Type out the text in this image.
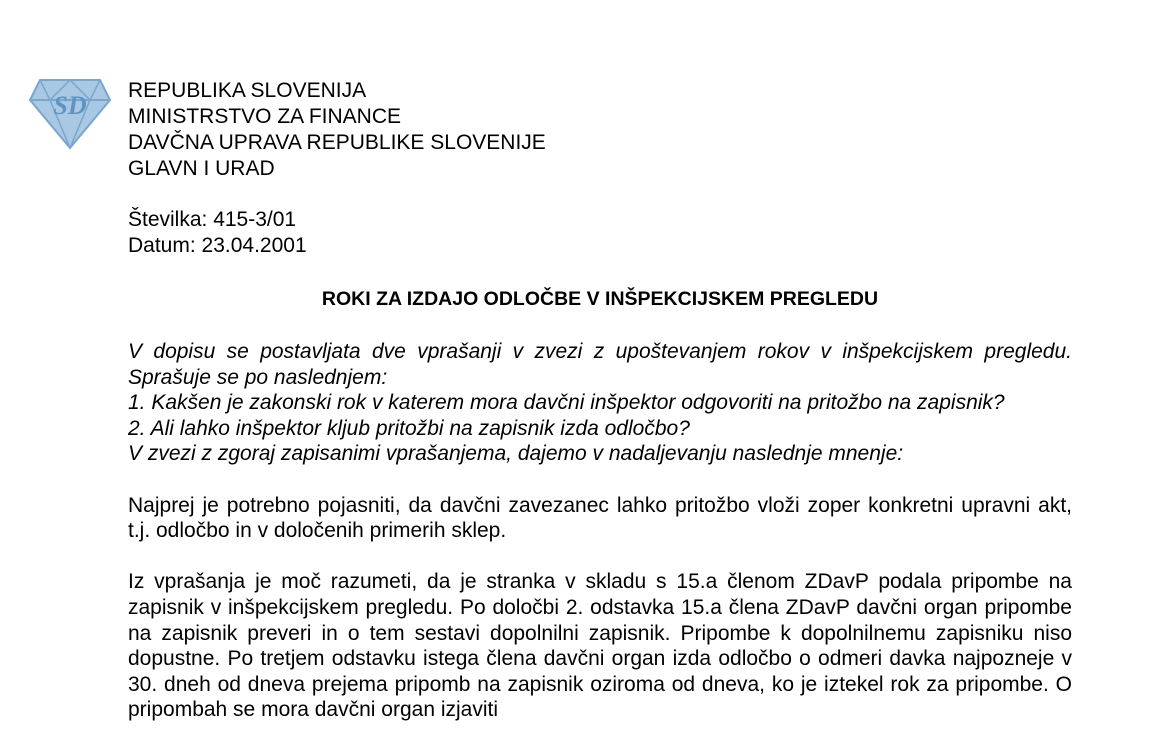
SD
REPUBLIKA SLOVENIJA
MINISTRSTVO ZA FINANCE
DAVČNA UPRAVA REPUBLIKE SLOVENIJE
GLAVN I URAD
Številka: 415-3/01
Datum: 23.04.2001
ROKI ZA IZDAJO ODLOČBE V INŠPEKCIJSKEM PREGLEDU

V dopisu se postavljata dve vprašanji v zvezi z upoštevanjem rokov v inšpekcijskem pregledu. Sprašuje se po naslednjem:

1. Kakšen je zakonski rok v katerem mora davčni inšpektor odgovoriti na pritožbo na zapisnik?

2. Ali lahko inšpektor kljub pritožbi na zapisnik izda odločbo?

V zvezi z zgoraj zapisanimi vprašanjema, dajemo v nadaljevanju naslednje mnenje:

Najprej je potrebno pojasniti, da davčni zavezanec lahko pritožbo vloži zoper konkretni upravni akt, t.j. odločbo in v določenih primerih sklep.

Iz vprašanja je moč razumeti, da je stranka v skladu s 15.a členom ZDavP podala pripombe na zapisnik v inšpekcijskem pregledu. Po določbi 2. odstavka 15.a člena ZDavP davčni organ pripombe na zapisnik preveri in o tem sestavi dopolnilni zapisnik. Pripombe k dopolnilnemu zapisniku niso dopustne. Po tretjem odstavku istega člena davčni organ izda odločbo o odmeri davka najpozneje v 30. dneh od dneva prejema pripomb na zapisnik oziroma od dneva, ko je iztekel rok za pripombe. O pripombah se mora davčni organ izjaviti
